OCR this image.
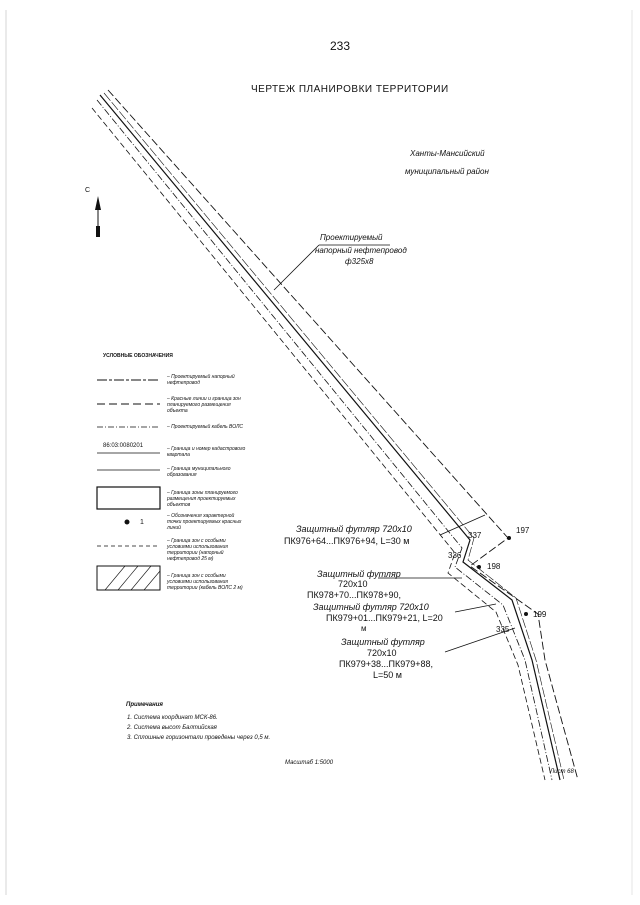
233
ЧЕРТЕЖ ПЛАНИРОВКИ ТЕРРИТОРИИ
Ханты-Мансийский
муниципальный район
С
Проектируемый
напорный нефтепровод
ф325х8
УСЛОВНЫЕ ОБОЗНАЧЕНИЯ
– Проектируемый напорный нефтепровод
– Красные линии и граница зон планируемого размещения объекта
– Проектируемый кабель ВОЛС
86:03:0080201	– Граница и номер кадастрового квартала
– Граница муниципального образования
– Граница зоны планируемого размещения проектируемых объектов
1
– Обозначения характерной точки проектируемых красных линий
– Граница зон с особыми условиями использования территории (напорный нефтепровод 25 м)
– Граница зон с особыми условиями использования территории (кабель ВОЛС 2 м)
197
198
199
337
336
335
Защитный футляр 720х10
ПК976+64...ПК976+94, L=30 м
Защитный футляр
720х10
ПК978+70...ПК978+90,
Защитный футляр 720х10
ПК979+01...ПК979+21, L=20
м
Защитный футляр
720х10
ПК979+38...ПК979+88,
L=50 м
Примечания
1. Система координат МСК-86.
2. Система высот Балтийская
3. Сплошные горизонтали проведены через 0,5 м.
Масштаб 1:5000
Лист 68
